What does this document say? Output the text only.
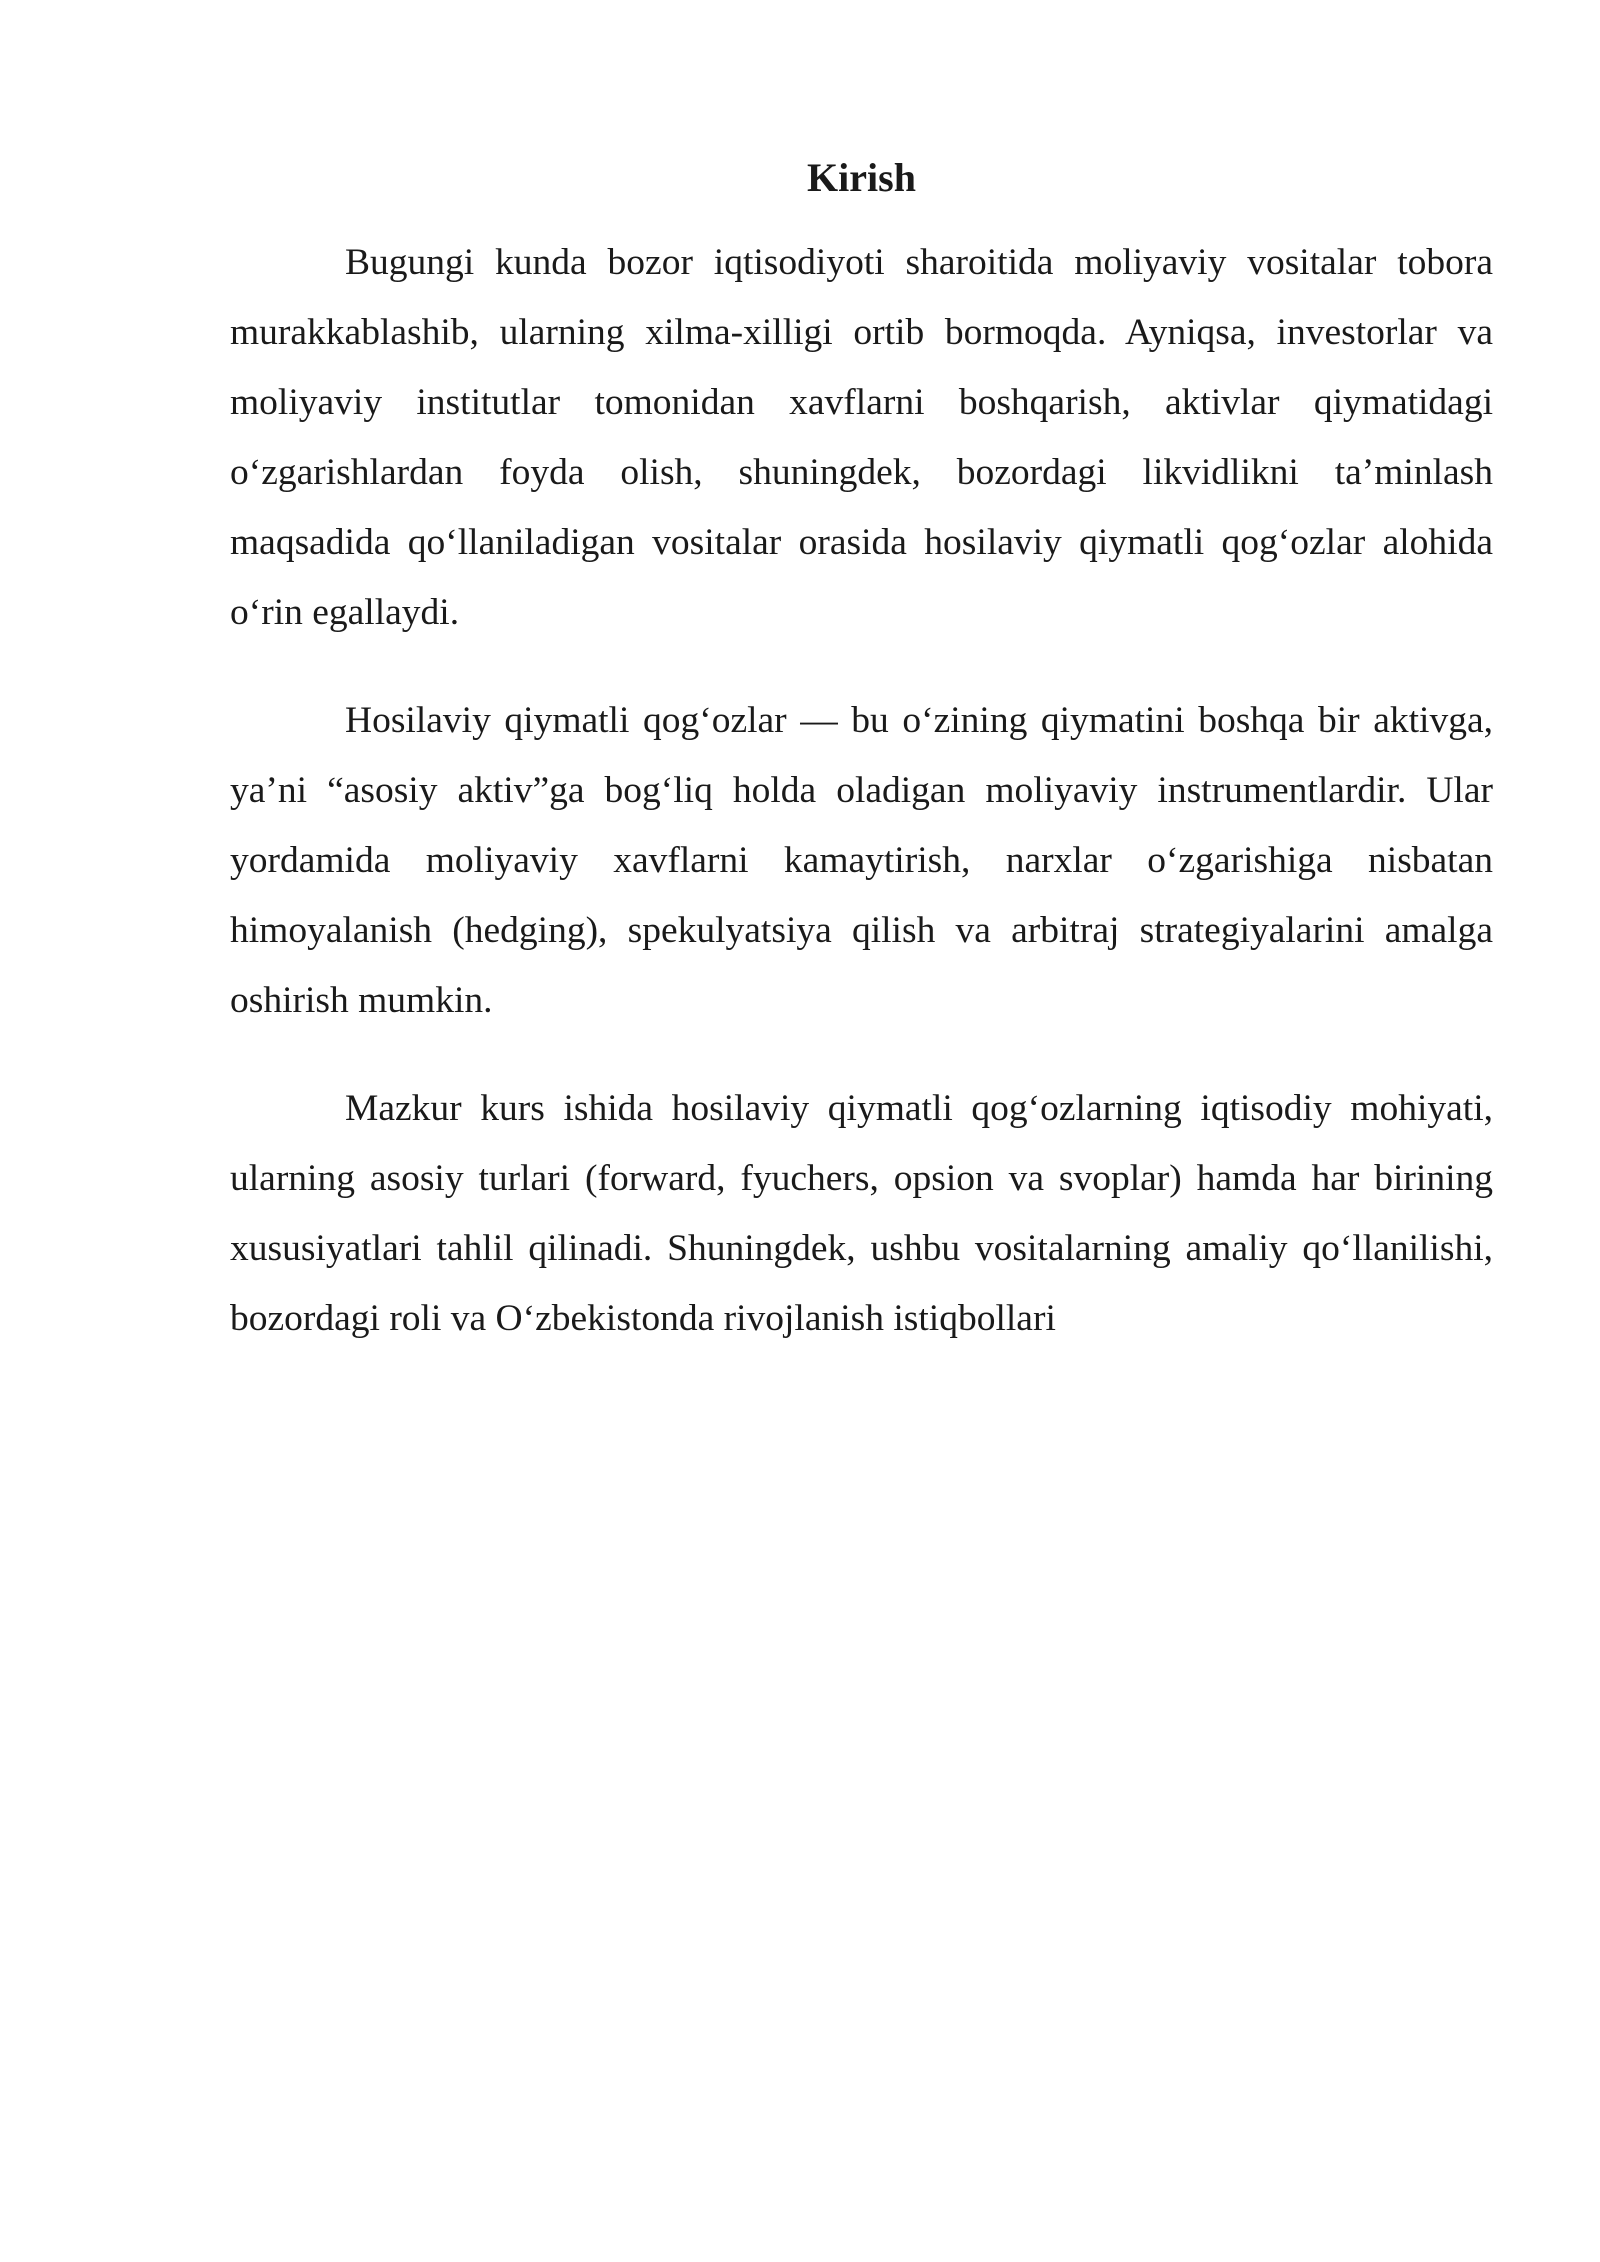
Kirish

Bugungi kunda bozor iqtisodiyoti sharoitida moliyaviy vositalar tobora murakkablashib, ularning xilma-xilligi ortib bormoqda. Ayniqsa, investorlar va moliyaviy institutlar tomonidan xavflarni boshqarish, aktivlar qiymatidagi o‘zgarishlardan foyda olish, shuningdek, bozordagi likvidlikni ta’minlash maqsadida qo‘llaniladigan vositalar orasida hosilaviy qiymatli qog‘ozlar alohida o‘rin egallaydi.

Hosilaviy qiymatli qog‘ozlar — bu o‘zining qiymatini boshqa bir aktivga, ya’ni “asosiy aktiv”ga bog‘liq holda oladigan moliyaviy instrumentlardir. Ular yordamida moliyaviy xavflarni kamaytirish, narxlar o‘zgarishiga nisbatan himoyalanish (hedging), spekulyatsiya qilish va arbitraj strategiyalarini amalga oshirish mumkin.

Mazkur kurs ishida hosilaviy qiymatli qog‘ozlarning iqtisodiy mohiyati, ularning asosiy turlari (forward, fyuchers, opsion va svoplar) hamda har birining xususiyatlari tahlil qilinadi. Shuningdek, ushbu vositalarning amaliy qo‘llanilishi, bozordagi roli va O‘zbekistonda rivojlanish istiqbollari
